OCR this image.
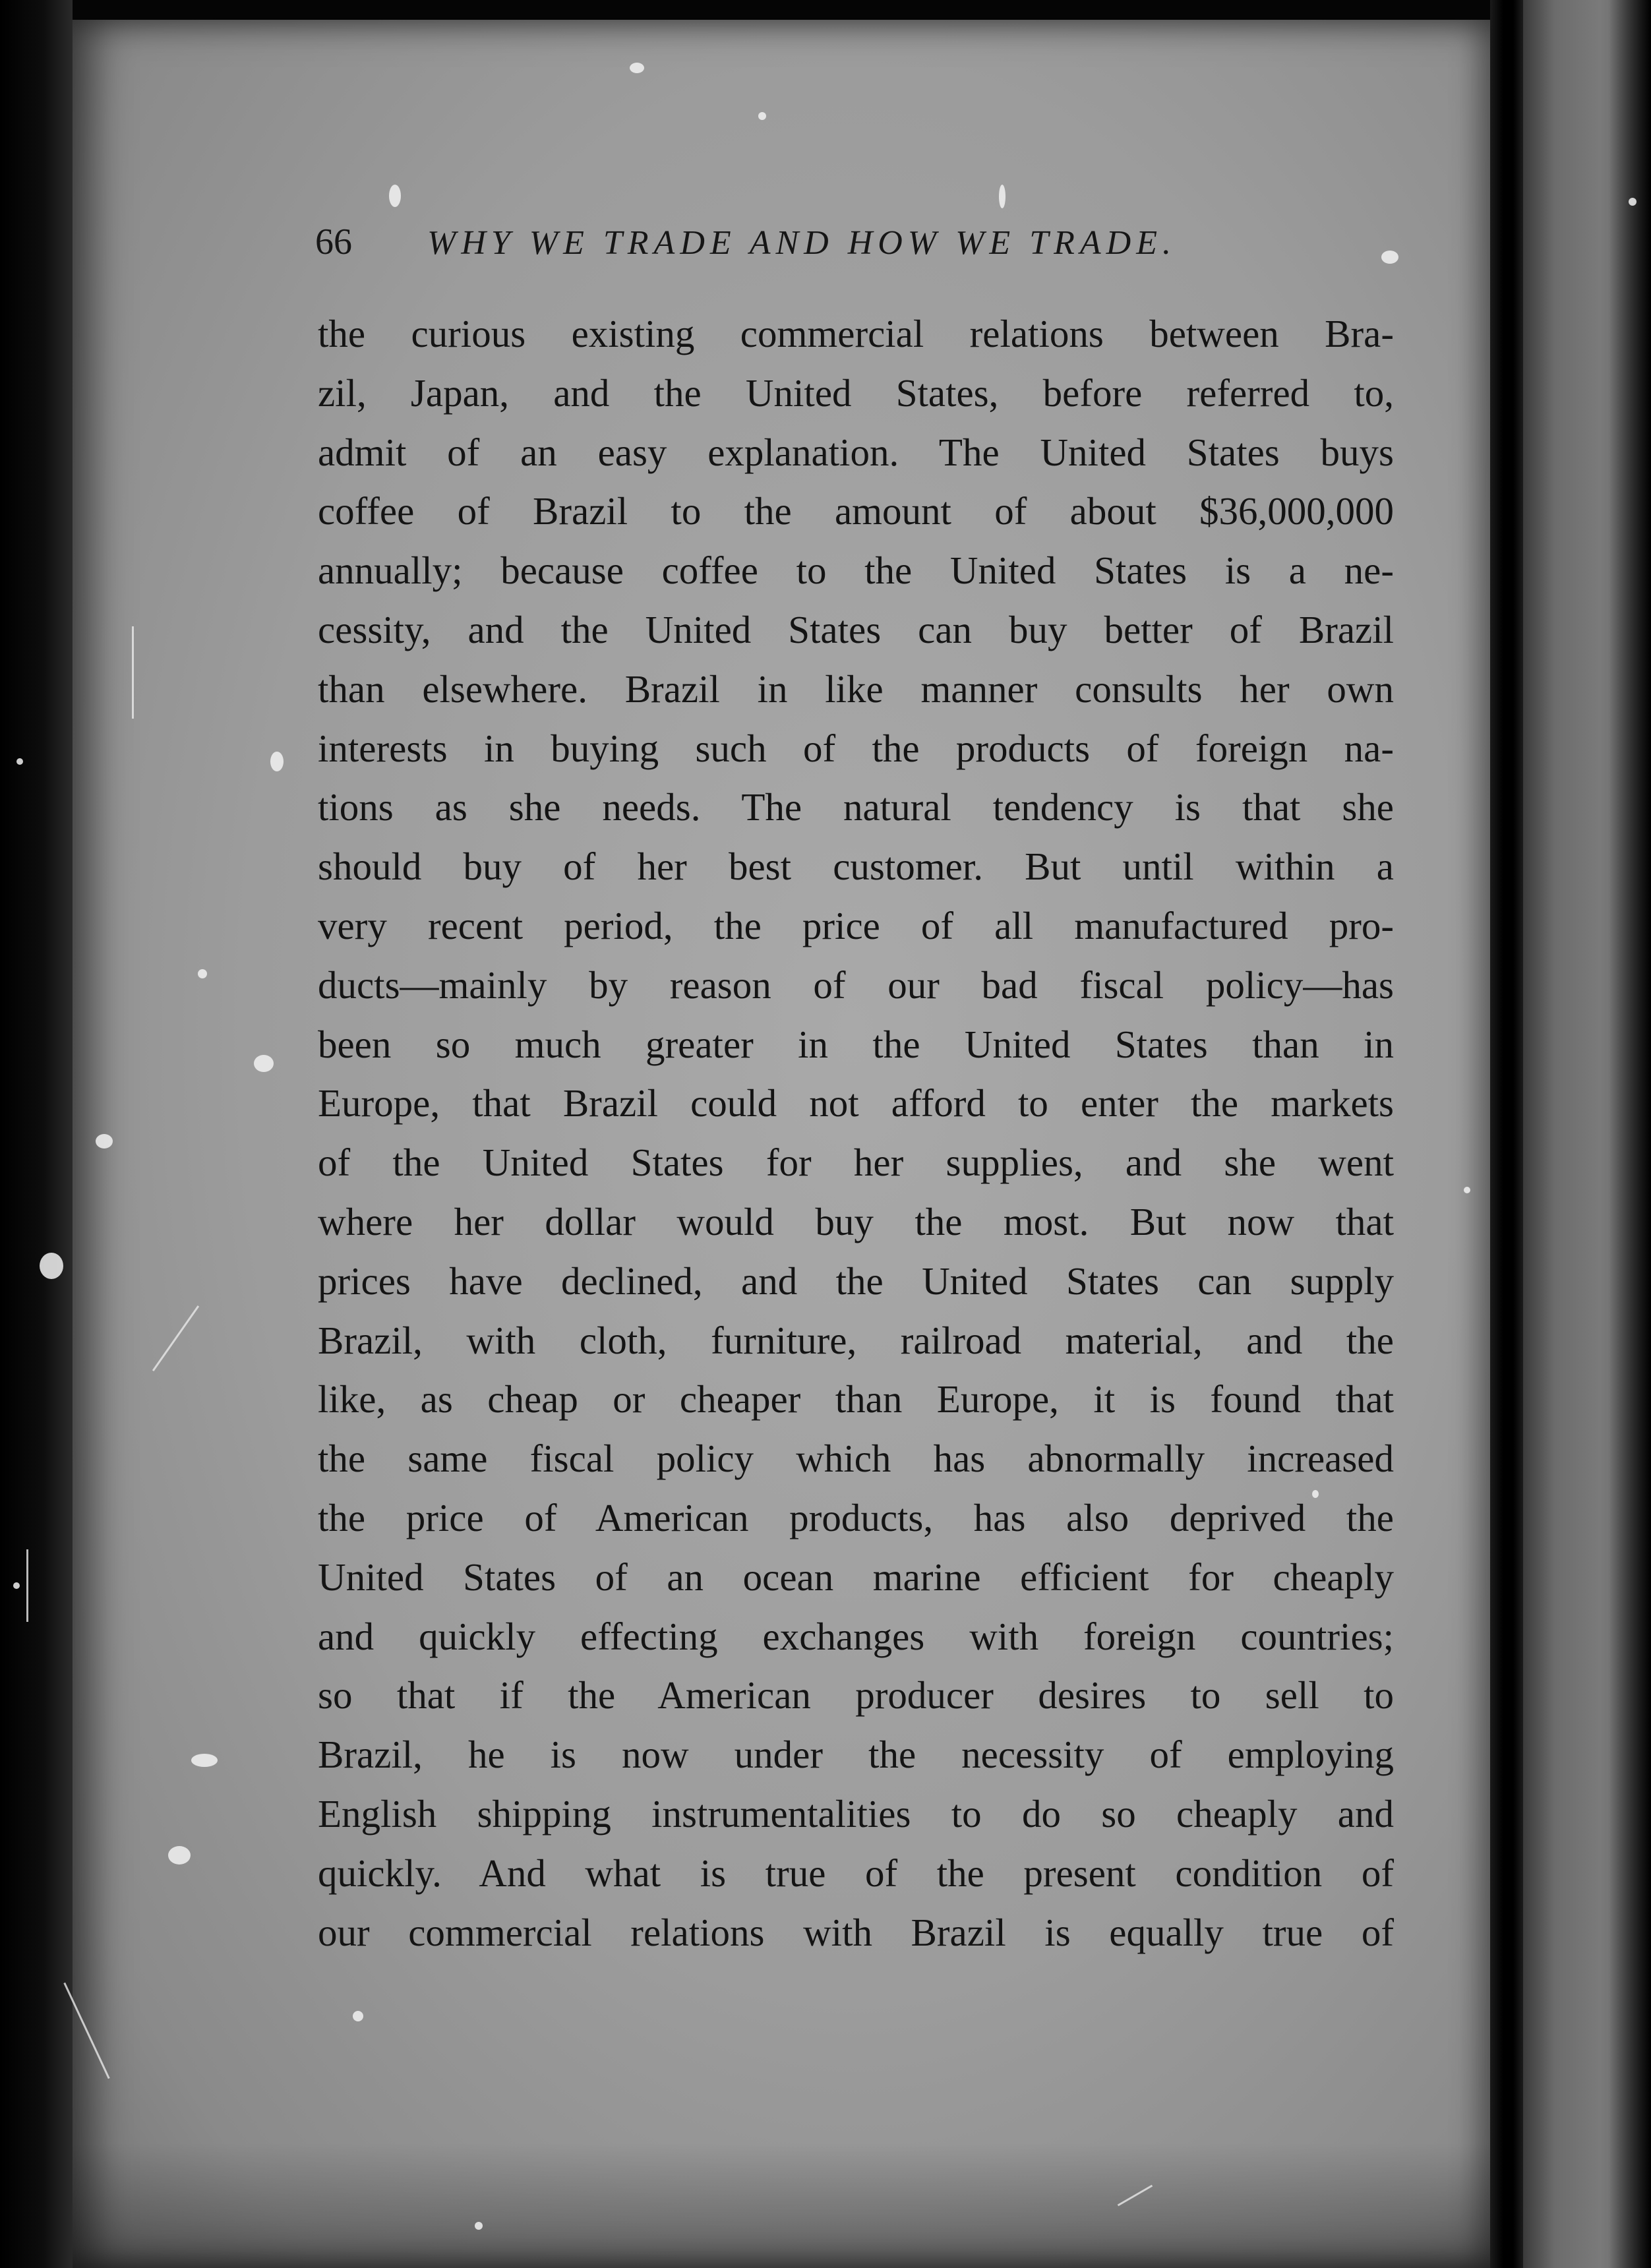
66	WHY WE TRADE AND HOW WE TRADE.
the curious existing commercial relations between Bra-
zil, Japan, and the United States, before referred to,
admit of an easy explanation. The United States buys
coffee of Brazil to the amount of about $36,000,000
annually; because coffee to the United States is a ne-
cessity, and the United States can buy better of Brazil
than elsewhere. Brazil in like manner consults her own
interests in buying such of the products of foreign na-
tions as she needs. The natural tendency is that she
should buy of her best customer. But until within a
very recent period, the price of all manufactured pro-
ducts—mainly by reason of our bad fiscal policy—has
been so much greater in the United States than in
Europe, that Brazil could not afford to enter the markets
of the United States for her supplies, and she went
where her dollar would buy the most. But now that
prices have declined, and the United States can supply
Brazil, with cloth, furniture, railroad material, and the
like, as cheap or cheaper than Europe, it is found that
the same fiscal policy which has abnormally increased
the price of American products, has also deprived the
United States of an ocean marine efficient for cheaply
and quickly effecting exchanges with foreign countries;
so that if the American producer desires to sell to
Brazil, he is now under the necessity of employing
English shipping instrumentalities to do so cheaply and
quickly. And what is true of the present condition of
our commercial relations with Brazil is equally true of
